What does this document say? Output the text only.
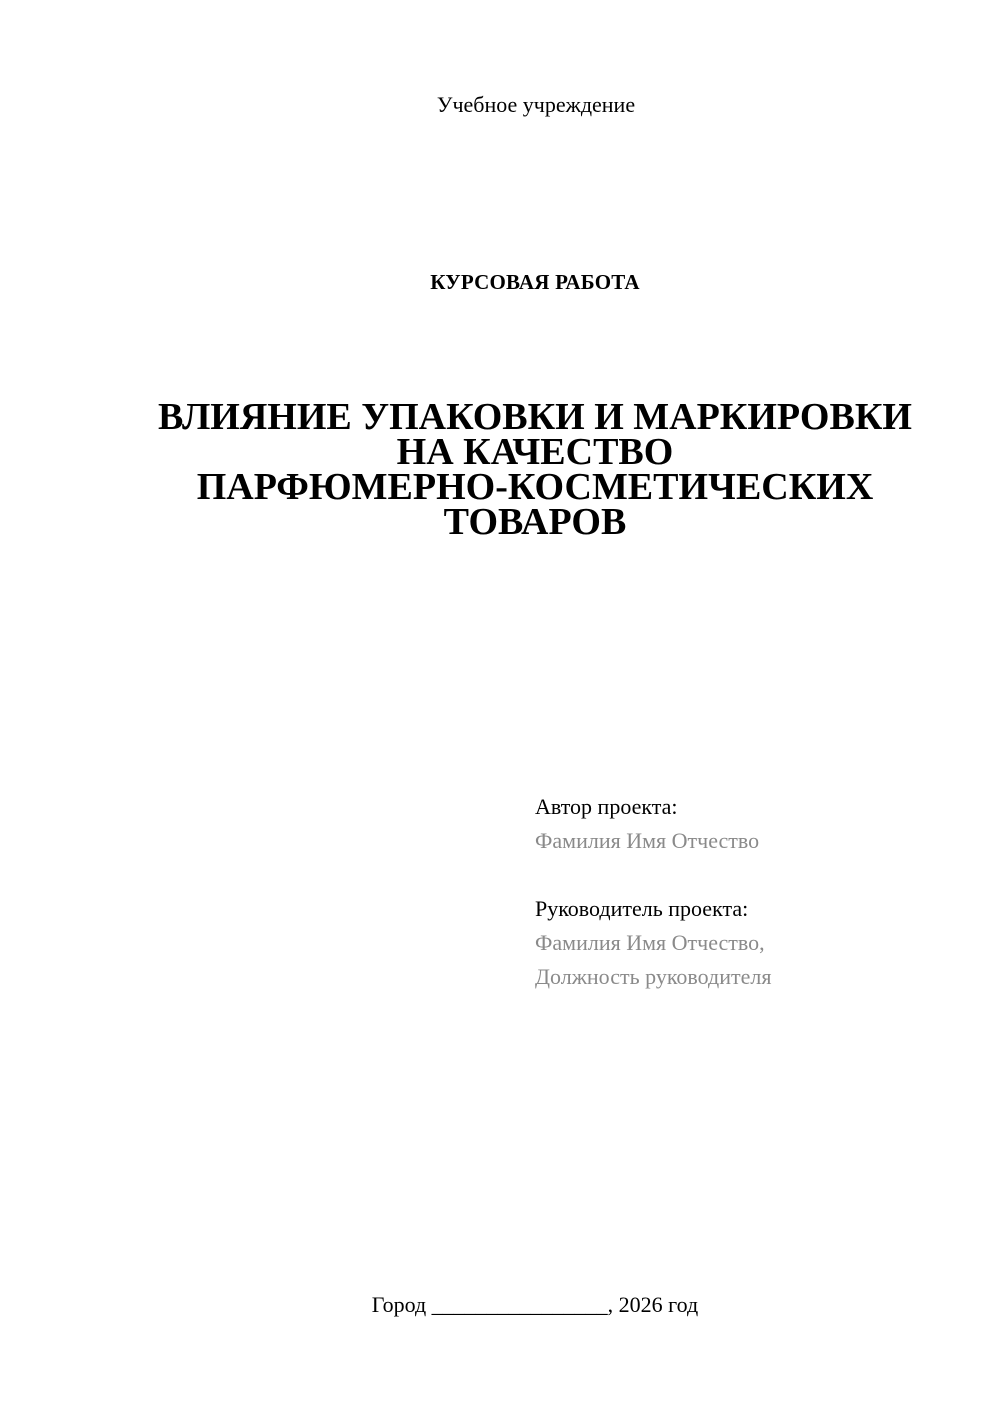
Учебное учреждение
КУРСОВАЯ РАБОТА
ВЛИЯНИЕ УПАКОВКИ И МАРКИРОВКИ
НА КАЧЕСТВО
ПАРФЮМЕРНО-КОСМЕТИЧЕСКИХ
ТОВАРОВ
Автор проекта:
Фамилия Имя Отчество
Руководитель проекта:
Фамилия Имя Отчество,
Должность руководителя
Город ________________, 2026 год
